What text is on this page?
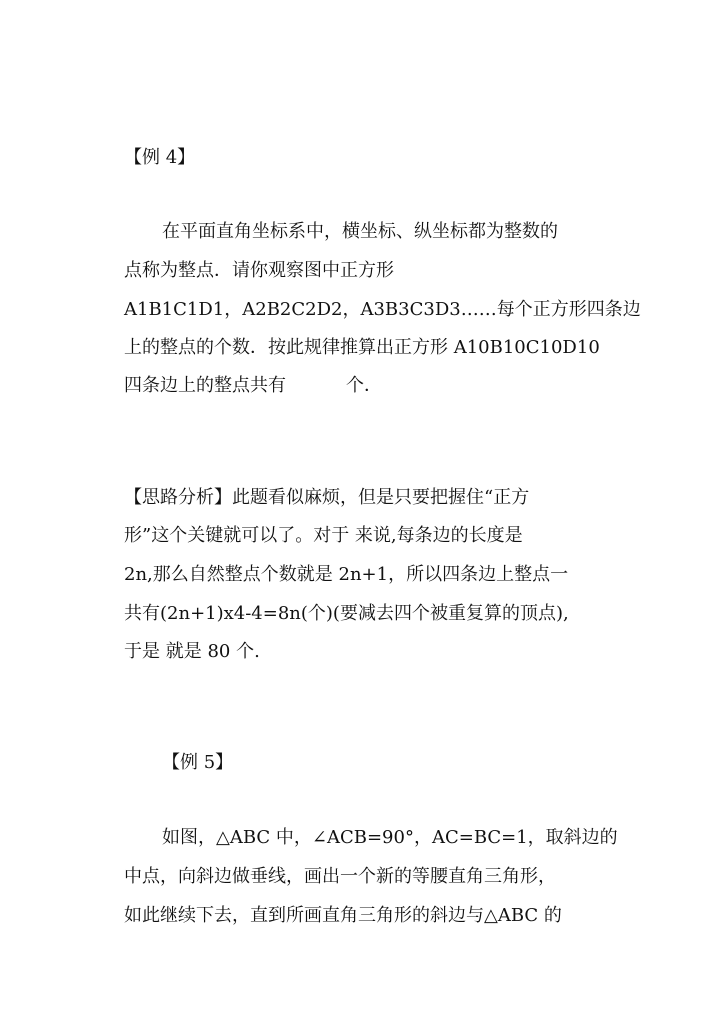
【例 4】

在平面直角坐标系中，横坐标、纵坐标都为整数的

点称为整点．请你观察图中正方形

A1B1C1D1，A2B2C2D2，A3B3C3D3……每个正方形四条边

上的整点的个数．按此规律推算出正方形 A10B10C10D10

四条边上的整点共有	个．

【思路分析】此题看似麻烦，但是只要把握住“正方

形”这个关键就可以了。对于 来说,每条边的长度是

2n,那么自然整点个数就是 2n+1，所以四条边上整点一

共有(2n+1)x4-4=8n(个)(要减去四个被重复算的顶点),

于是 就是 80 个.

【例 5】

如图，△ABC 中，∠ACB=90°，AC=BC=1，取斜边的

中点，向斜边做垂线，画出一个新的等腰直角三角形，

如此继续下去，直到所画直角三角形的斜边与△ABC 的
